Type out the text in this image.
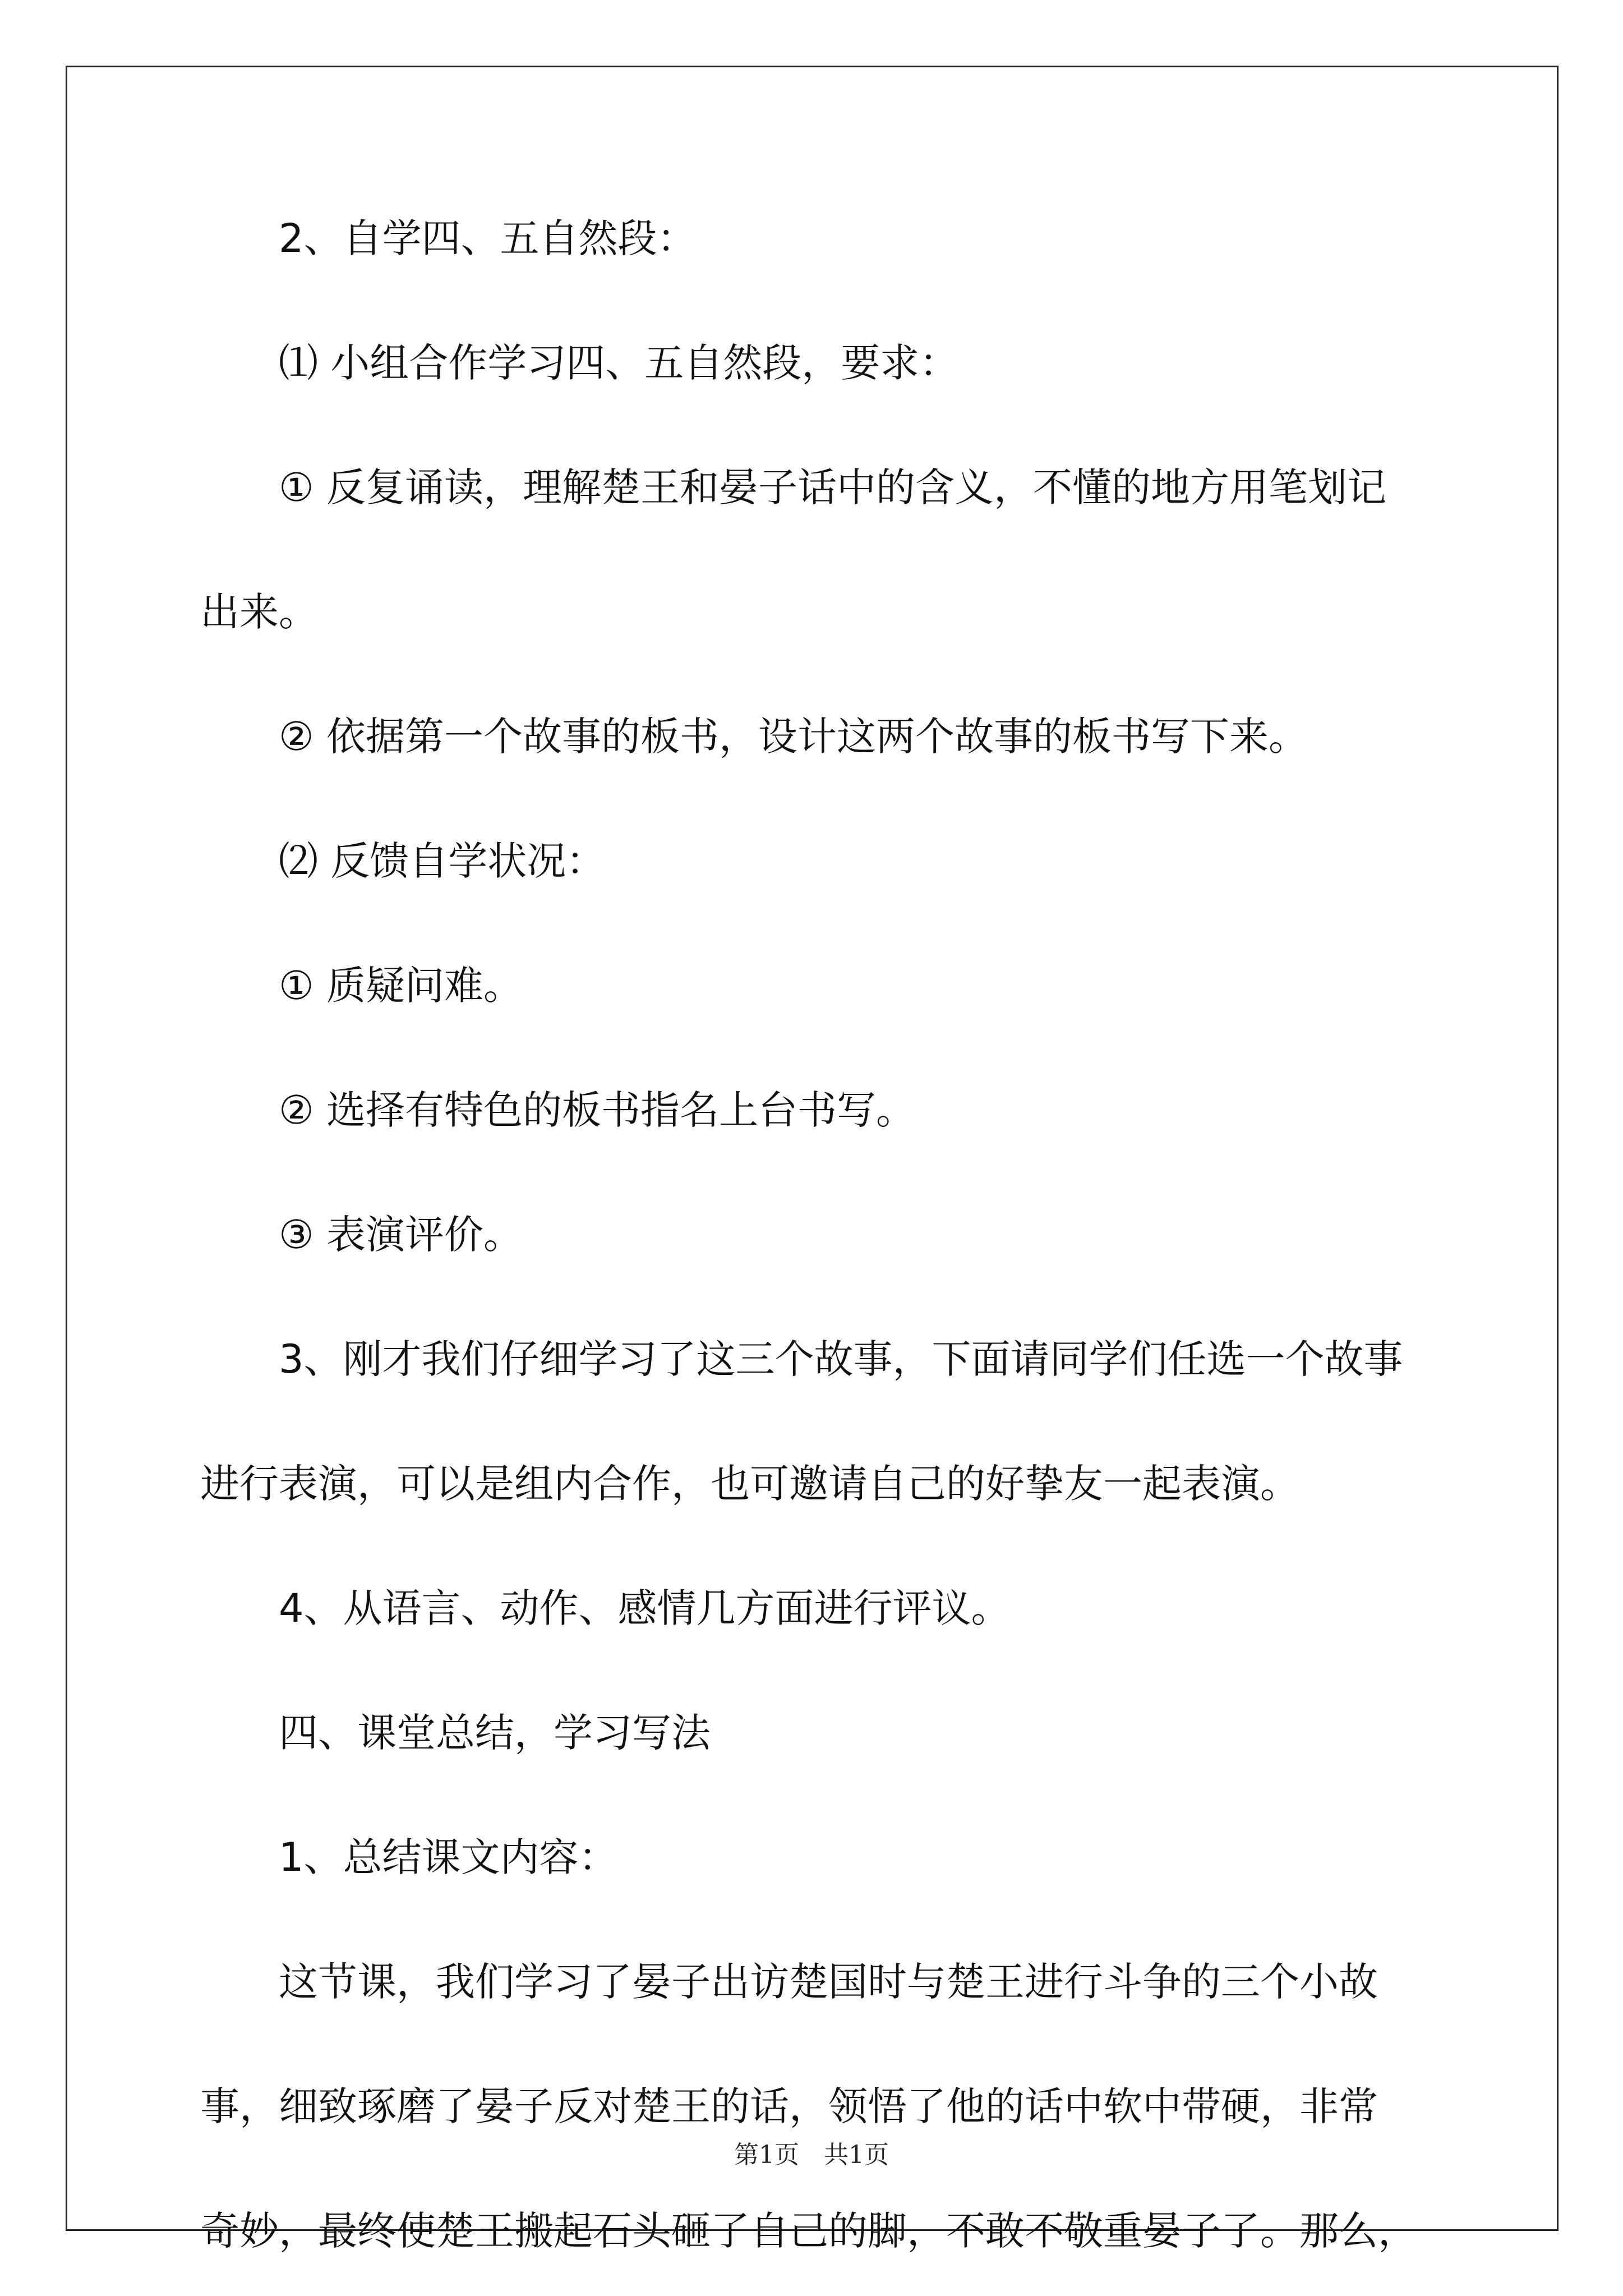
2、自学四、五自然段：

⑴ 小组合作学习四、五自然段，要求：

① 反复诵读，理解楚王和晏子话中的含义，不懂的地方用笔划记

出来。

② 依据第一个故事的板书，设计这两个故事的板书写下来。

⑵ 反馈自学状况：

① 质疑问难。

② 选择有特色的板书指名上台书写。

③ 表演评价。

3、刚才我们仔细学习了这三个故事，下面请同学们任选一个故事

进行表演，可以是组内合作，也可邀请自己的好挚友一起表演。

4、从语言、动作、感情几方面进行评议。

四、课堂总结，学习写法

1、总结课文内容：

这节课，我们学习了晏子出访楚国时与楚王进行斗争的三个小故

事，细致琢磨了晏子反对楚王的话，领悟了他的话中软中带硬，非常

奇妙，最终使楚王搬起石头砸了自己的脚，不敢不敬重晏子了。那么，

第1页　共1页
